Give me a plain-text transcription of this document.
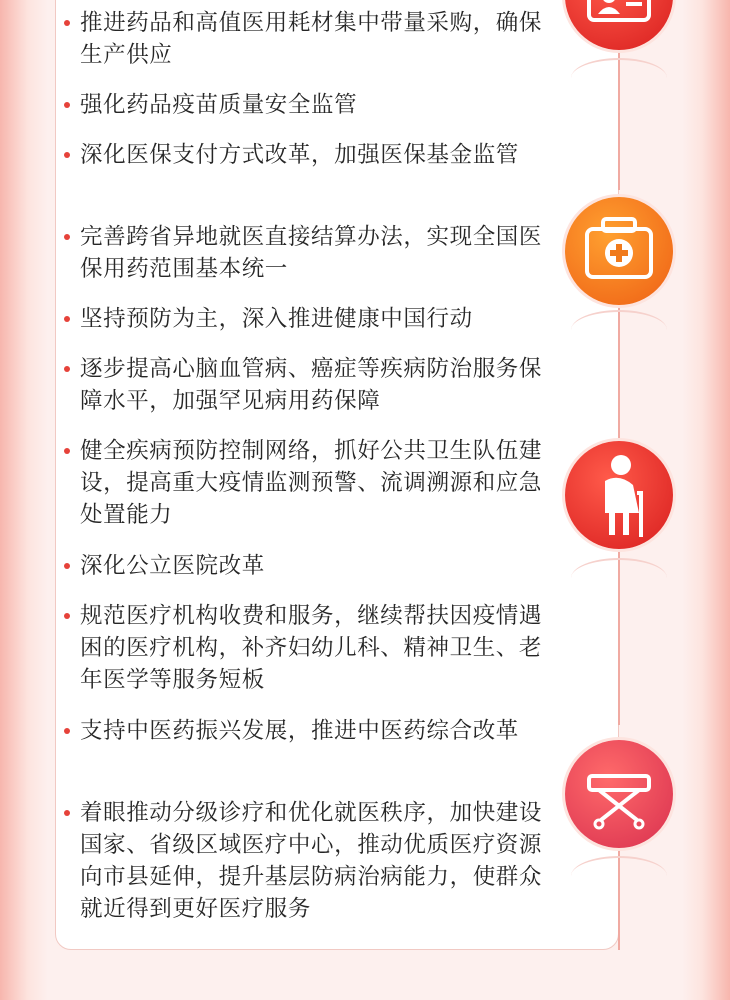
推进药品和高值医用耗材集中带量采购，确保生产供应
强化药品疫苗质量安全监管
深化医保支付方式改革，加强医保基金监管
完善跨省异地就医直接结算办法，实现全国医保用药范围基本统一
坚持预防为主，深入推进健康中国行动
逐步提高心脑血管病、癌症等疾病防治服务保障水平，加强罕见病用药保障
健全疾病预防控制网络，抓好公共卫生队伍建设，提高重大疫情监测预警、流调溯源和应急处置能力
深化公立医院改革
规范医疗机构收费和服务，继续帮扶因疫情遇困的医疗机构，补齐妇幼儿科、精神卫生、老年医学等服务短板
支持中医药振兴发展，推进中医药综合改革
着眼推动分级诊疗和优化就医秩序，加快建设国家、省级区域医疗中心，推动优质医疗资源向市县延伸，提升基层防病治病能力，使群众就近得到更好医疗服务
